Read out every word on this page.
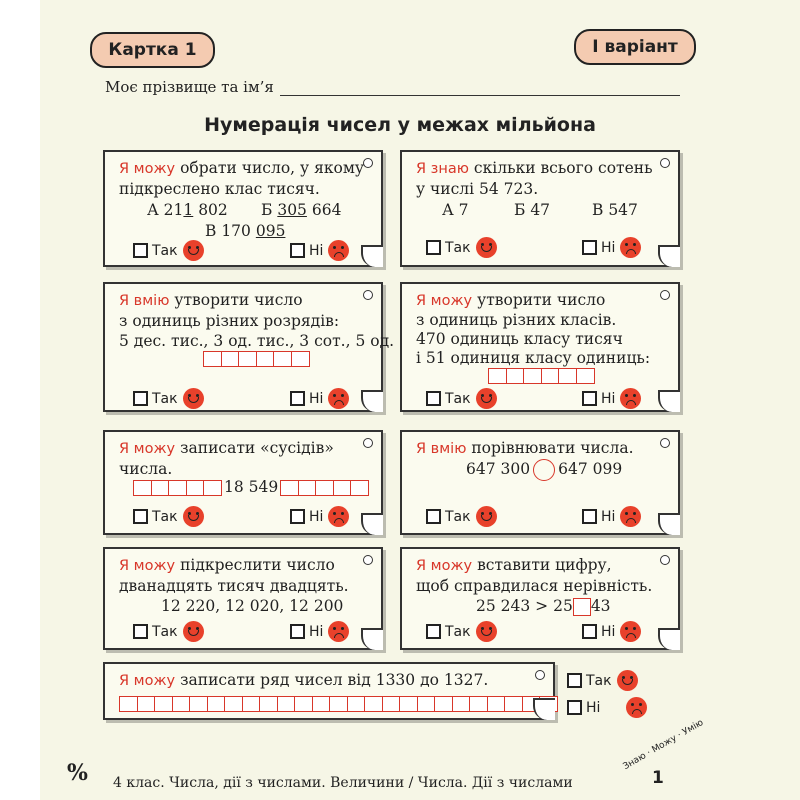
Картка 1	І варіант
Моє прізвище та ім’я
Нумерація чисел у межах мільйона
Я можу обрати число, у якому
підкреслено клас тисяч.
А 211 802 Б 305 664
В 170 095
Так	Ні
Я знаю скільки всього сотень
у числі 54 723.
А 7	Б 47	В 547
Так	Ні
Я вмію утворити число
з одиниць різних розрядів:
5 дес. тис., 3 од. тис., 3 сот., 5 од.
Так	Ні
Я можу утворити число
з одиниць різних класів.
470 одиниць класу тисяч
і 51 одиниця класу одиниць:
Так	Ні
Я можу записати «сусідів»
числа.
18 549
Так	Ні
Я вмію порівнювати числа.
647 300 647 099
Так	Ні
Я можу підкреслити число
дванадцять тисяч двадцять.
12 220, 12 020, 12 200
Так	Ні
Я можу вставити цифру,
щоб справдилася нерівність.
25 243 > 25 43
Так	Ні
Я можу записати ряд чисел від 1330 до 1327.	Так
Ні
% 4 клас. Числа, дії з числами. Величини / Числа. Дії з числами
Знаю · Можу · Умію
1
